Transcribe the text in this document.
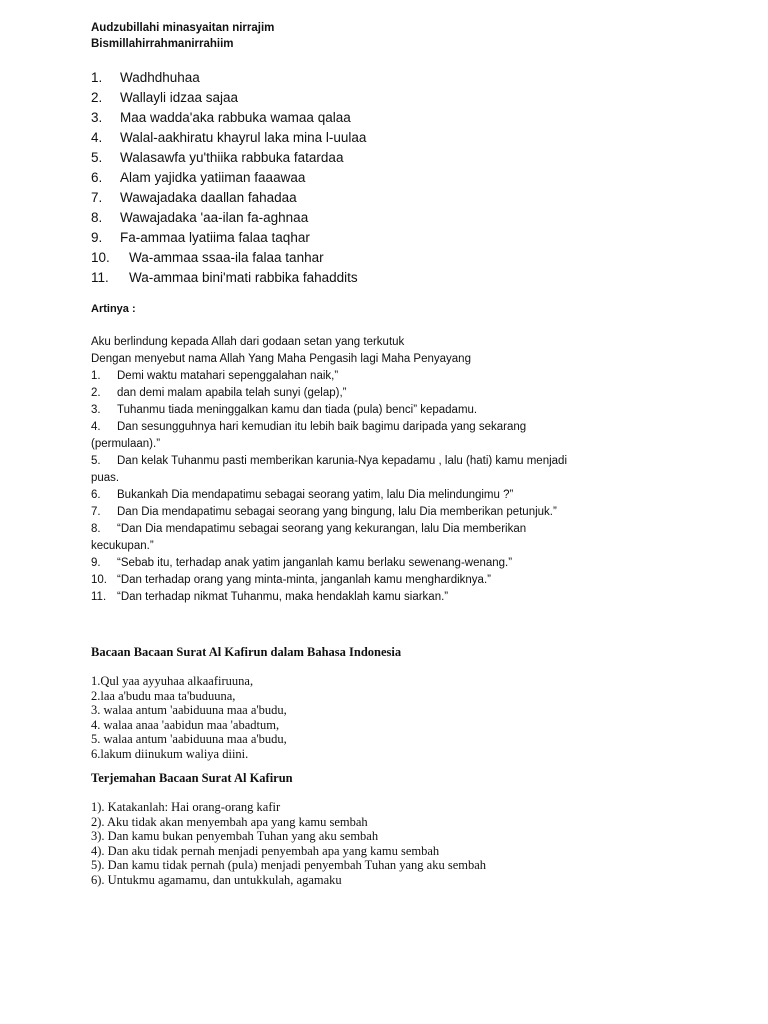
Audzubillahi minasyaitan nirrajim
Bismillahirrahmanirrahiim
1.	Wadhdhuhaa
2.	Wallayli idzaa sajaa
3.	Maa wadda'aka rabbuka wamaa qalaa
4.	Walal-aakhiratu khayrul laka mina l-uulaa
5.	Walasawfa yu'thiika rabbuka fatardaa
6.	Alam yajidka yatiiman faaawaa
7.	Wawajadaka daallan fahadaa
8.	Wawajadaka 'aa-ilan fa-aghnaa
9.	Fa-ammaa lyatiima falaa taqhar
10.	Wa-ammaa ssaa-ila falaa tanhar
11.	Wa-ammaa bini'mati rabbika fahaddits
Artinya :
Aku berlindung kepada Allah dari godaan setan yang terkutuk
Dengan menyebut nama Allah Yang Maha Pengasih lagi Maha Penyayang
1.	Demi waktu matahari sepenggalahan naik,”
2.	dan demi malam apabila telah sunyi (gelap),”
3.	Tuhanmu tiada meninggalkan kamu dan tiada (pula) benci” kepadamu.
4.	Dan sesungguhnya hari kemudian itu lebih baik bagimu daripada yang sekarang
(permulaan).”
5.	Dan kelak Tuhanmu pasti memberikan karunia-Nya kepadamu , lalu (hati) kamu menjadi
puas.
6.	Bukankah Dia mendapatimu sebagai seorang yatim, lalu Dia melindungimu ?”
7.	Dan Dia mendapatimu sebagai seorang yang bingung, lalu Dia memberikan petunjuk.”
8.	“Dan Dia mendapatimu sebagai seorang yang kekurangan, lalu Dia memberikan
kecukupan.”
9.	“Sebab itu, terhadap anak yatim janganlah kamu berlaku sewenang-wenang.”
10. “Dan terhadap orang yang minta-minta, janganlah kamu menghardiknya.”
11. “Dan terhadap nikmat Tuhanmu, maka hendaklah kamu siarkan.”
Bacaan Bacaan Surat Al Kafirun dalam Bahasa Indonesia
1.Qul yaa ayyuhaa alkaafiruuna,
2.laa a'budu maa ta'buduuna,
3. walaa antum 'aabiduuna maa a'budu,
4. walaa anaa 'aabidun maa 'abadtum,
5. walaa antum 'aabiduuna maa a'budu,
6.lakum diinukum waliya diini.
Terjemahan Bacaan Surat Al Kafirun
1). Katakanlah: Hai orang-orang kafir
2). Aku tidak akan menyembah apa yang kamu sembah
3). Dan kamu bukan penyembah Tuhan yang aku sembah
4). Dan aku tidak pernah menjadi penyembah apa yang kamu sembah
5). Dan kamu tidak pernah (pula) menjadi penyembah Tuhan yang aku sembah
6). Untukmu agamamu, dan untukkulah, agamaku
